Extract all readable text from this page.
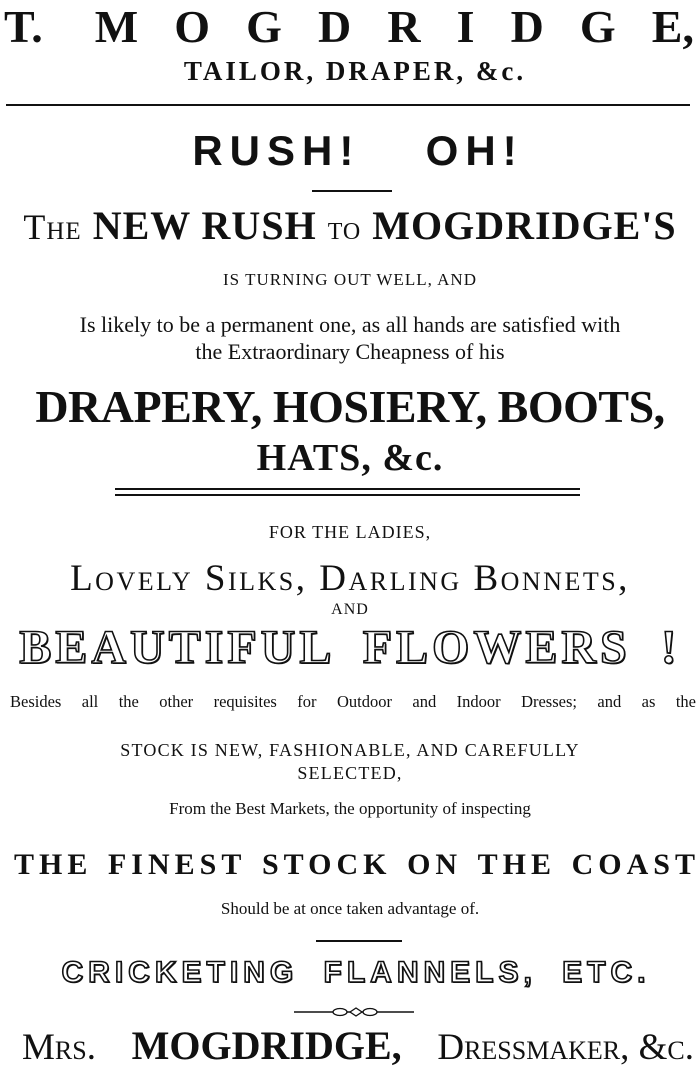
T. M O G D R I D G E,
TAILOR, DRAPER, &c.
RUSH!  OH!
The NEW RUSH to MOGDRIDGE'S
IS TURNING OUT WELL, AND
Is likely to be a permanent one, as all hands are satisfied with
the Extraordinary Cheapness of his
DRAPERY, HOSIERY, BOOTS,
HATS, &c.
FOR THE LADIES,
Lovely Silks, Darling Bonnets,
AND
BEAUTIFUL FLOWERS !
Besides all the other requisites for Outdoor and Indoor Dresses; and as the
STOCK IS NEW, FASHIONABLE, AND CAREFULLY
SELECTED,
From the Best Markets, the opportunity of inspecting
THE FINEST STOCK ON THE COAST
Should be at once taken advantage of.
CRICKETING FLANNELS, ETC.
Mrs. MOGDRIDGE, Dressmaker, &c.
